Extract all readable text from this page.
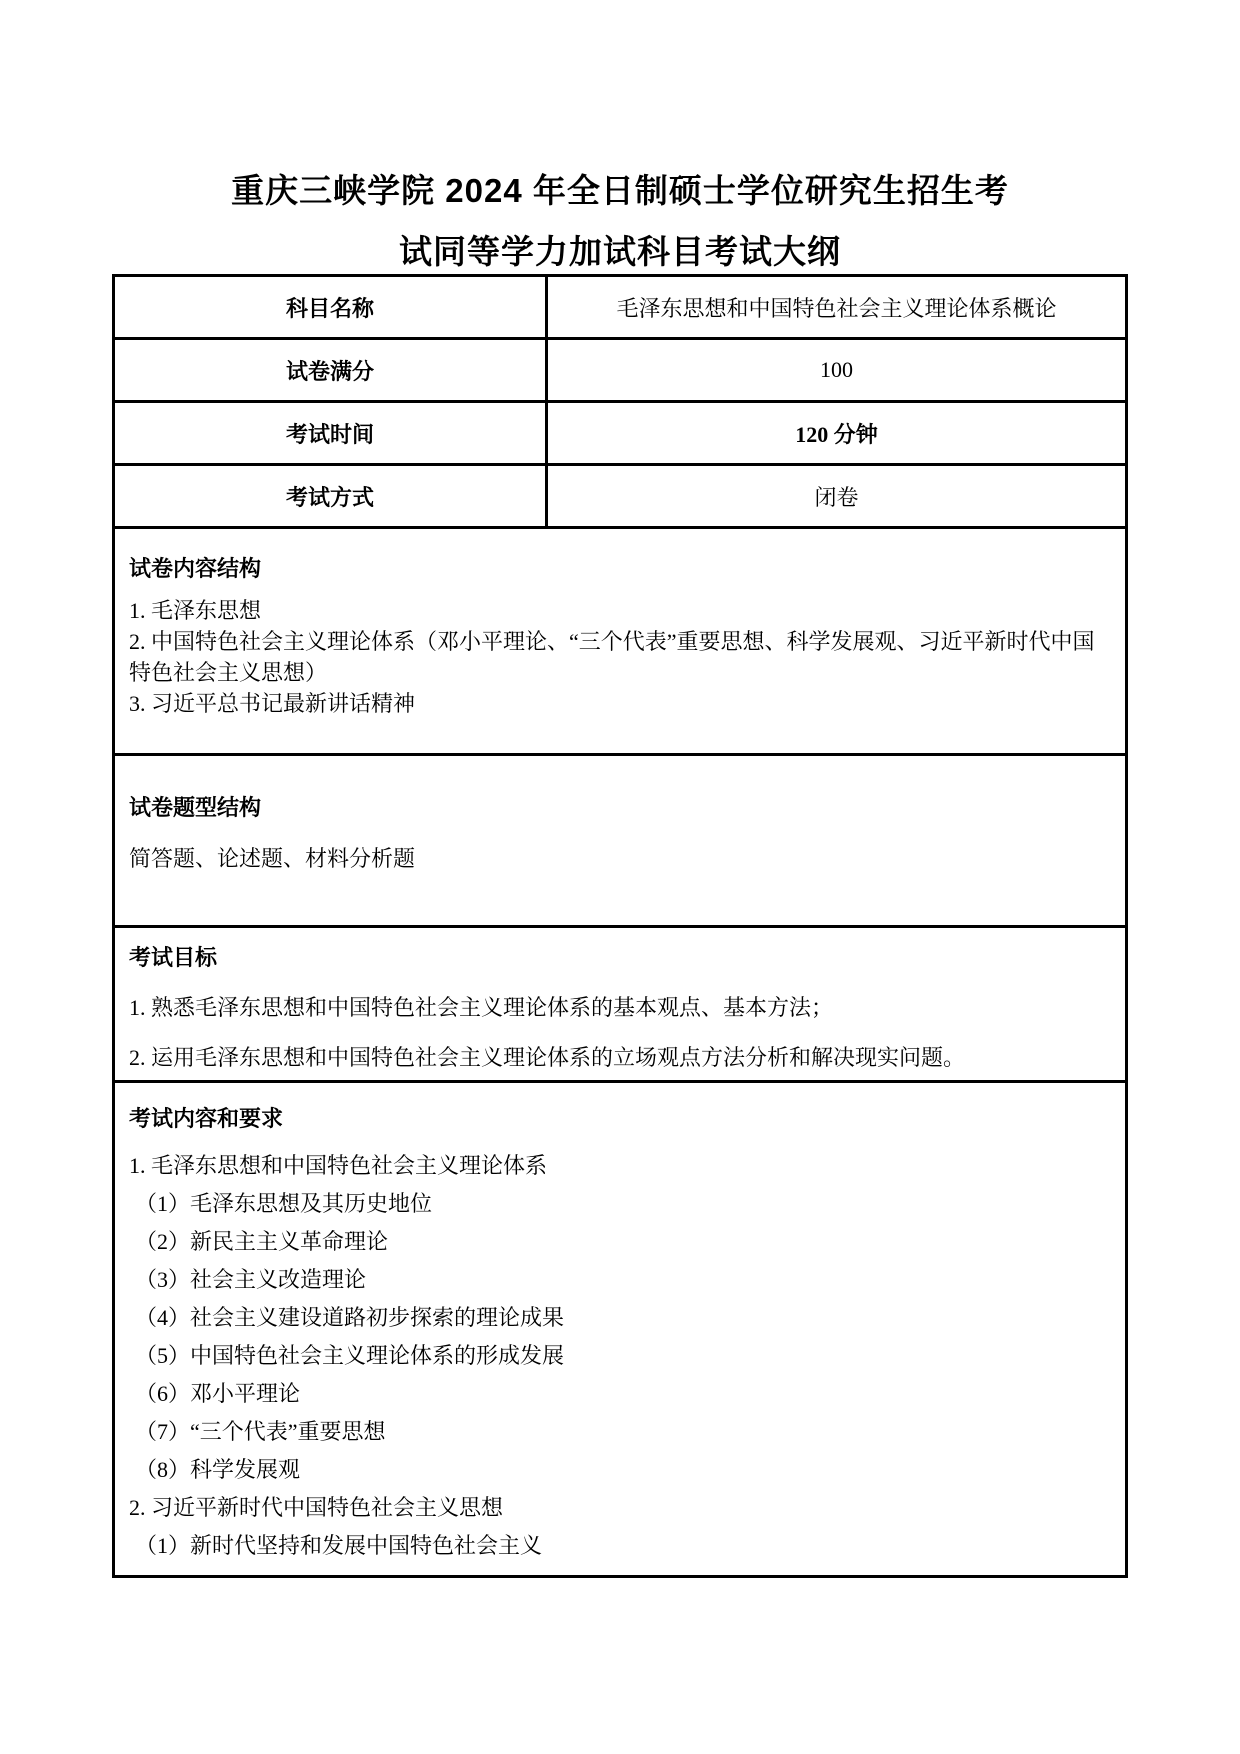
重庆三峡学院 2024 年全日制硕士学位研究生招生考
试同等学力加试科目考试大纲
科目名称	毛泽东思想和中国特色社会主义理论体系概论
试卷满分	100
考试时间	120 分钟
考试方式	闭卷
试卷内容结构
1. 毛泽东思想
2. 中国特色社会主义理论体系（邓小平理论、“三个代表”重要思想、科学发展观、习近平新时代中国特色社会主义思想）
3. 习近平总书记最新讲话精神
试卷题型结构
简答题、论述题、材料分析题
考试目标
1. 熟悉毛泽东思想和中国特色社会主义理论体系的基本观点、基本方法；
2. 运用毛泽东思想和中国特色社会主义理论体系的立场观点方法分析和解决现实问题。
考试内容和要求
1. 毛泽东思想和中国特色社会主义理论体系
（1）毛泽东思想及其历史地位
（2）新民主主义革命理论
（3）社会主义改造理论
（4）社会主义建设道路初步探索的理论成果
（5）中国特色社会主义理论体系的形成发展
（6）邓小平理论
（7）“三个代表”重要思想
（8）科学发展观
2. 习近平新时代中国特色社会主义思想
（1）新时代坚持和发展中国特色社会主义
